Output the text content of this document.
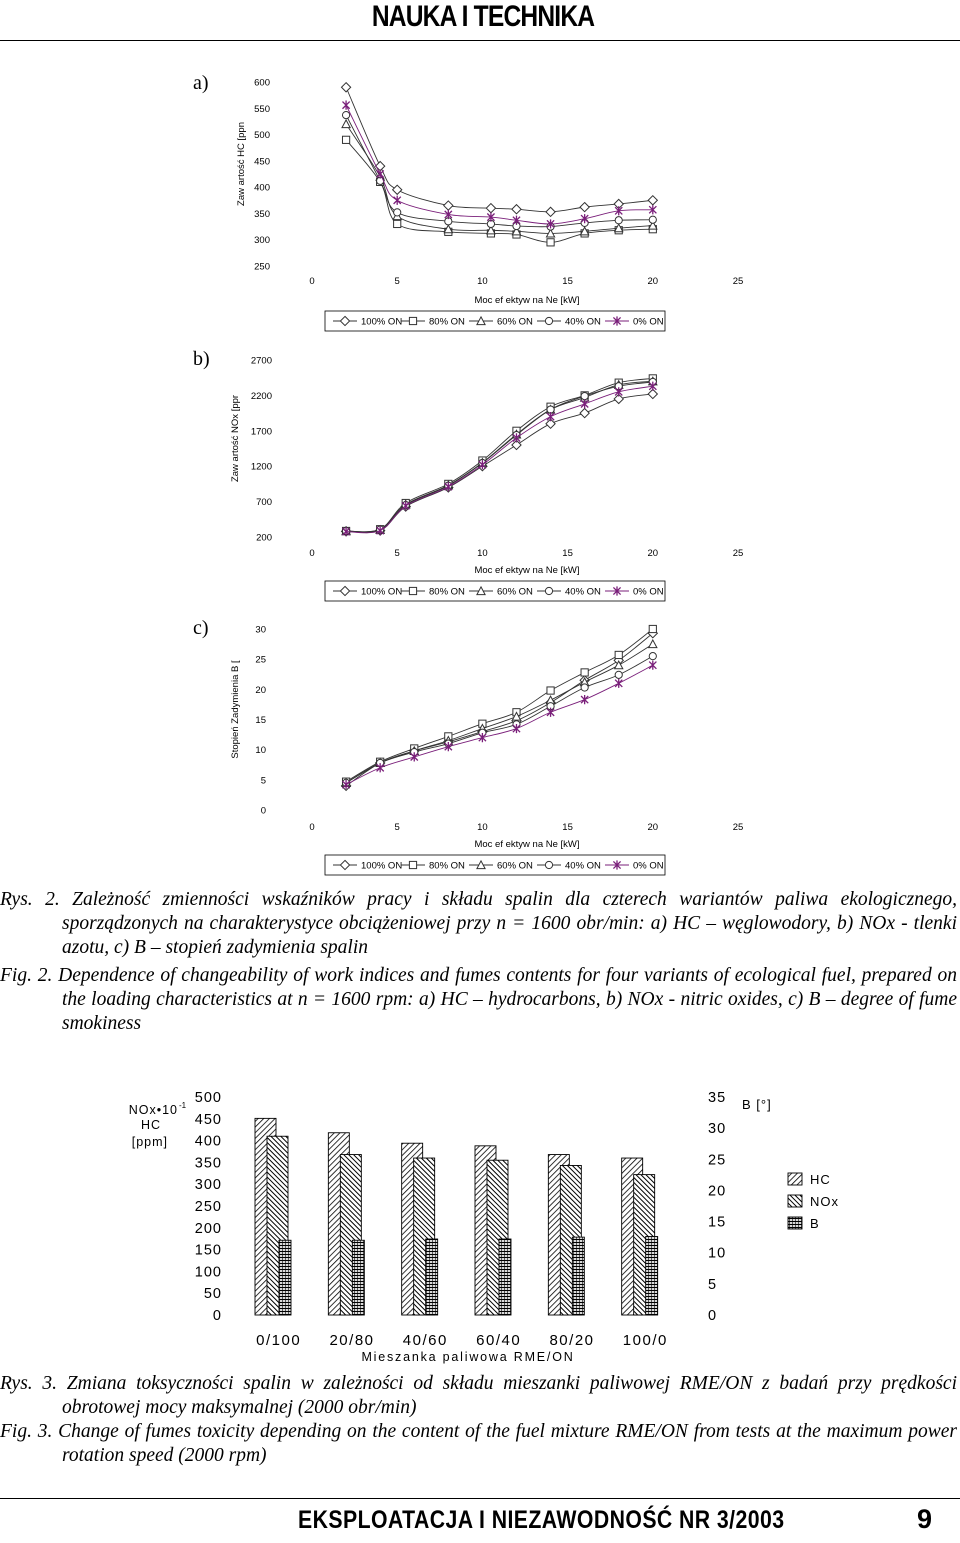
NAUKA I TECHNIKA
a)
b)
c)
600
550
500
450
400
350
300
250
0	5	10	15	20	25
Moc ef ektyw na Ne [kW]
Zaw artość HC [ppn
100% ON	80% ON	60% ON	40% ON	0% ON
2700
2200
1700
1200
700
200
0	5	10	15	20	25
Moc ef ektyw na Ne [kW]
Zaw artość NOx [ppr
100% ON	80% ON	60% ON	40% ON	0% ON
30
25
20
15
10
5
0
0	5	10	15	20	25
Moc ef ektyw na Ne [kW]
Stopień Zadymienia B [
100% ON	80% ON	60% ON	40% ON	0% ON
Rys. 2. Zależność zmienności wskaźników pracy i składu spalin dla czterech wariantów paliwa ekologicznego, sporządzonych na charakterystyce obciążeniowej przy n = 1600 obr/min: a) HC – węglowodory, b) NOx - tlenki azotu, c) B – stopień zadymienia spalin
Fig. 2. Dependence of changeability of work indices and fumes contents for four variants of ecological fuel, prepared on the loading characteristics at n = 1600 rpm: a) HC – hydrocarbons, b) NOx - nitric oxides, c) B – degree of fume smokiness
500
450
400
350
300
250
200
150
100
50
0
35
30
25
20
15
10
5
0
NOx•10 -1
HC
[ppm]
B [°]
0/100 20/80 40/60 60/40 80/20 100/0
Mieszanka paliwowa RME/ON
HC
NOx
B
Rys. 3. Zmiana toksyczności spalin w zależności od składu mieszanki paliwowej RME/ON z badań przy prędkości obrotowej mocy maksymalnej (2000 obr/min)
Fig. 3. Change of fumes toxicity depending on the content of the fuel mixture RME/ON from tests at the maximum power rotation speed (2000 rpm)
EKSPLOATACJA I NIEZAWODNOŚĆ NR 3/2003	9
